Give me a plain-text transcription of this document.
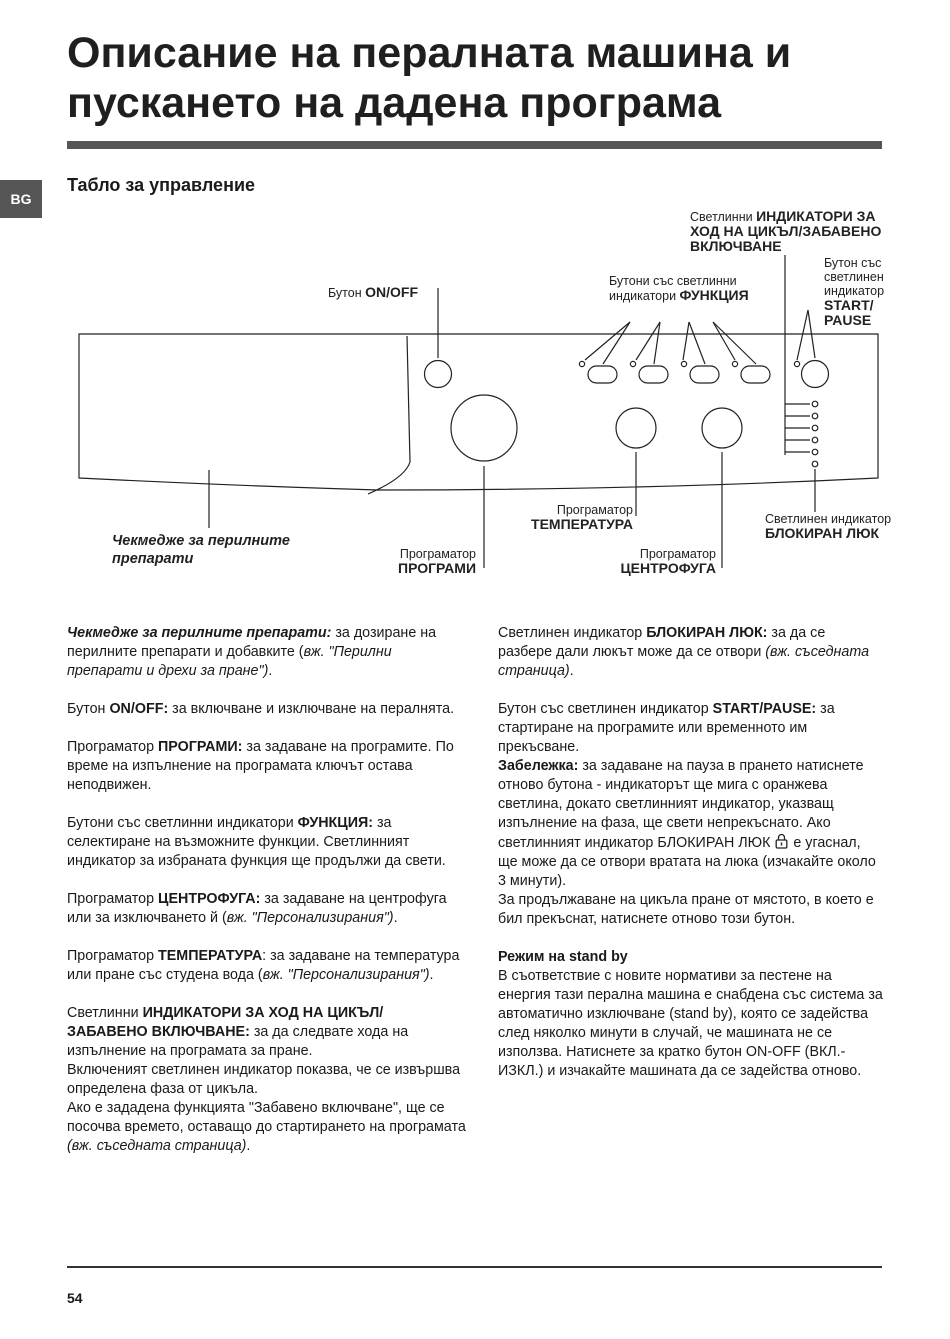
Описание на пералната машина и пускането на дадена програма
BG
Табло за управление
Светлинни ИНДИКАТОРИ ЗА ХОД НА ЦИКЪЛ/ЗАБАВЕНО ВКЛЮЧВАНЕ
Бутон ON/OFF
Бутони със светлинни индикатори ФУНКЦИЯ
Бутон със светлинен индикатор START/ PAUSE
Чекмедже за перилните препарати
Програматор
ТЕМПЕРАТУРА	Светлинен индикатор
БЛОКИРАН ЛЮК
Програматор
ПРОГРАМИ
Програматор
ЦЕНТРОФУГА

Чекмедже за перилните препарати: за дозиране на перилните препарати и добавките (вж. "Перилни препарати и дрехи за пране").

Бутон ON/OFF: за включване и изключване на пералнята.

Програматор ПРОГРАМИ: за задаване на програмите. По време на изпълнение на програмата ключът остава неподвижен.

Бутони със светлинни индикатори ФУНКЦИЯ: за селектиране на възможните функции. Светлинният индикатор за избраната функция ще продължи да свети.

Програматор ЦЕНТРОФУГА: за задаване на центрофуга или за изключването й (вж. "Персонализирания").

Програматор ТЕМПЕРАТУРА: за задаване на температура или пране със студена вода (вж. "Персонализирания").

Светлинни ИНДИКАТОРИ ЗА ХОД НА ЦИКЪЛ/ ЗАБАВЕНО ВКЛЮЧВАНЕ: за да следвате хода на изпълнение на програмата за пране.
Включеният светлинен индикатор показва, че се извършва определена фаза от цикъла.
Ако е зададена функцията "Забавено включване", ще се посочва времето, оставащо до стартирането на програмата (вж. съседната страница).

Светлинен индикатор БЛОКИРАН ЛЮК: за да се разбере дали люкът може да се отвори (вж. съседната страница).

Бутон със светлинен индикатор START/PAUSE: за стартиране на програмите или временното им прекъсване.
Забележка: за задаване на пауза в прането натиснете отново бутона - индикаторът ще мига с оранжева светлина, докато светлинният индикатор, указващ изпълнение на фаза, ще свети непрекъснато. Ако светлинният индикатор БЛОКИРАН ЛЮК е угаснал, ще може да се отвори вратата на люка (изчакайте около 3 минути).
За продължаване на цикъла пране от мястото, в което е бил прекъснат, натиснете отново този бутон.

Режим на stand by
В съответствие с новите нормативи за пестене на енергия тази перална машина е снабдена със система за автоматично изключване (stand by), която се задейства след няколко минути в случай, че машината не се използва. Натиснете за кратко бутон ON-OFF (ВКЛ.-ИЗКЛ.) и изчакайте машината да се задейства отново.

54
